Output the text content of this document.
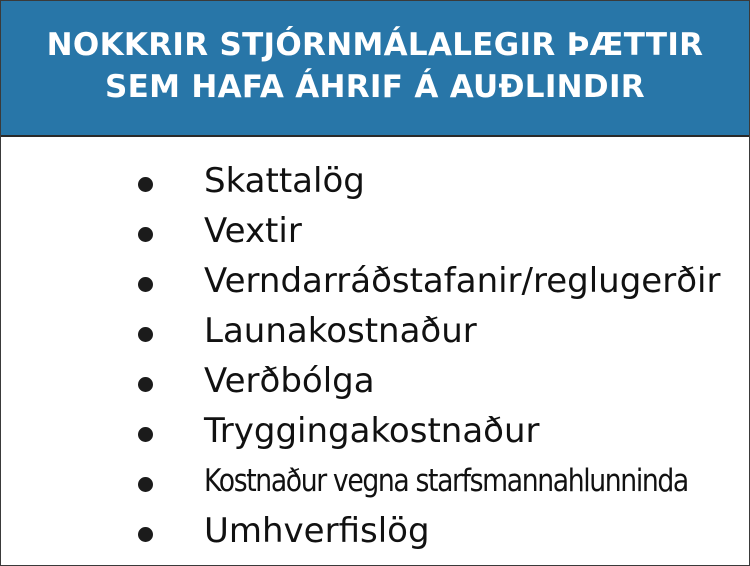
NOKKRIR STJÓRNMÁLALEGIR ÞÆTTIR
SEM HAFA ÁHRIF Á AUÐLINDIR
Skattalög
Vextir
Verndarráðstafanir/reglugerðir
Launakostnaður
Verðbólga
Tryggingakostnaður
Kostnaður vegna starfsmannahlunninda
Umhverfislög
